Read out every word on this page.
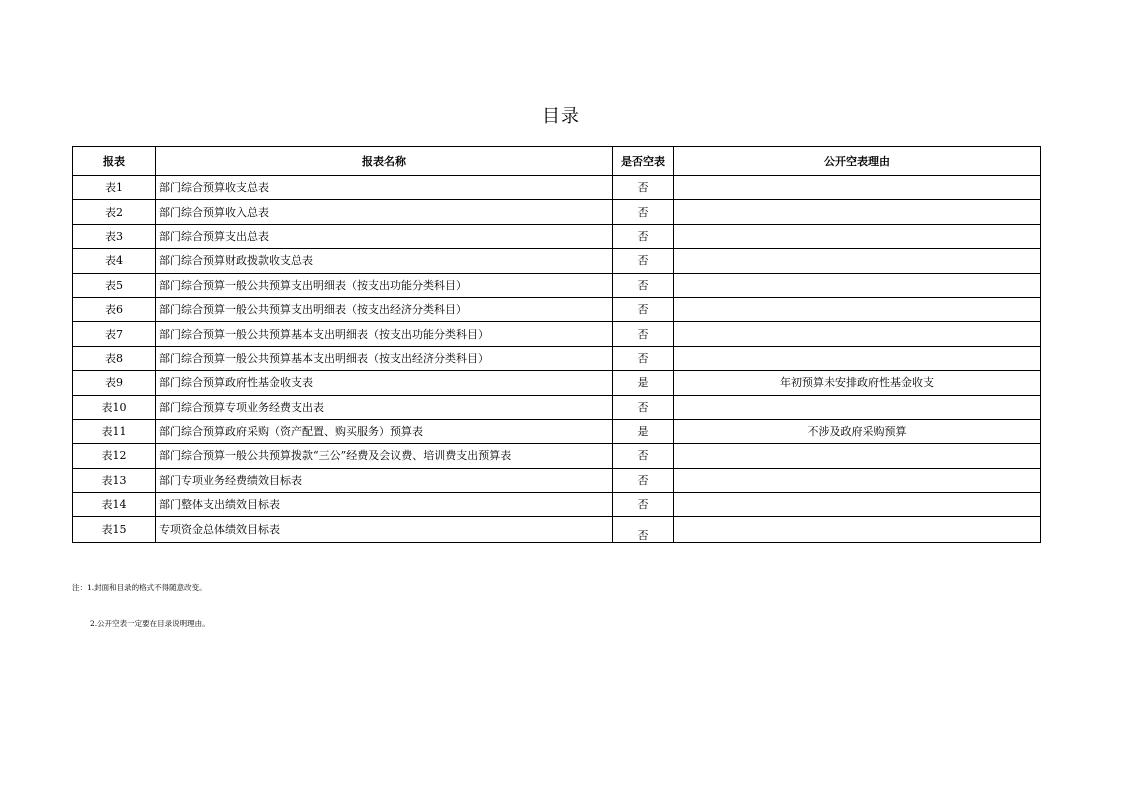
目录
报表	报表名称	是否空表	公开空表理由
表1	部门综合预算收支总表	否	
表2	部门综合预算收入总表	否	
表3	部门综合预算支出总表	否	
表4	部门综合预算财政拨款收支总表	否	
表5	部门综合预算一般公共预算支出明细表（按支出功能分类科目）	否	
表6	部门综合预算一般公共预算支出明细表（按支出经济分类科目）	否	
表7	部门综合预算一般公共预算基本支出明细表（按支出功能分类科目）	否	
表8	部门综合预算一般公共预算基本支出明细表（按支出经济分类科目）	否	
表9	部门综合预算政府性基金收支表	是	年初预算未安排政府性基金收支
表10	部门综合预算专项业务经费支出表	否	
表11	部门综合预算政府采购（资产配置、购买服务）预算表	是	不涉及政府采购预算
表12	部门综合预算一般公共预算拨款“三公”经费及会议费、培训费支出预算表	否	
表13	部门专项业务经费绩效目标表	否	
表14	部门整体支出绩效目标表	否	
表15	专项资金总体绩效目标表	否	

注：1.封面和目录的格式不得随意改变。

2.公开空表一定要在目录说明理由。
